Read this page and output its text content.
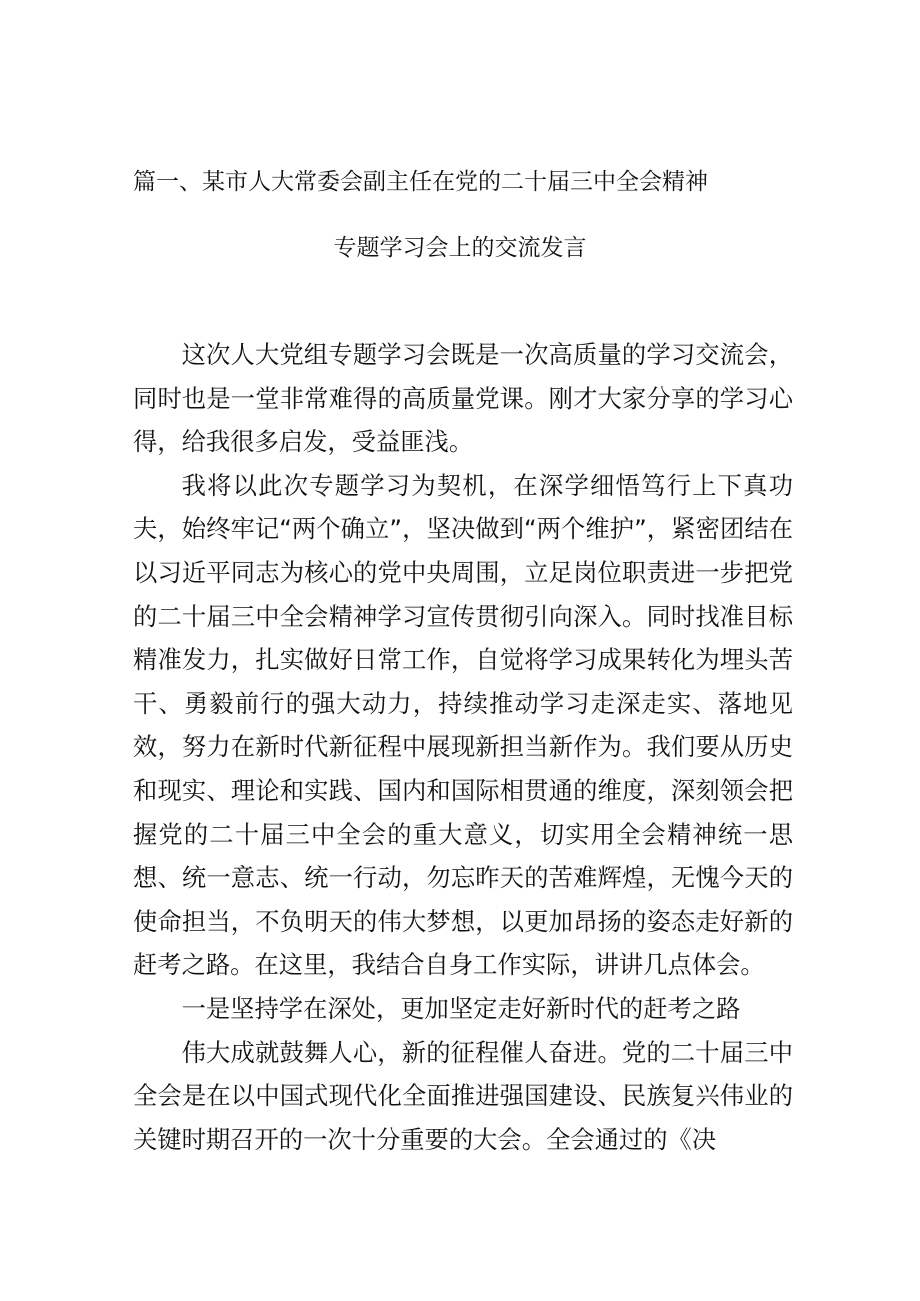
篇一、某市人大常委会副主任在党的二十届三中全会精神
专题学习会上的交流发言

这次人大党组专题学习会既是一次高质量的学习交流会，同时也是一堂非常难得的高质量党课。刚才大家分享的学习心得，给我很多启发，受益匪浅。

我将以此次专题学习为契机，在深学细悟笃行上下真功夫，始终牢记“两个确立”，坚决做到“两个维护”，紧密团结在以习近平同志为核心的党中央周围，立足岗位职责进一步把党的二十届三中全会精神学习宣传贯彻引向深入。同时找准目标精准发力，扎实做好日常工作，自觉将学习成果转化为埋头苦干、勇毅前行的强大动力，持续推动学习走深走实、落地见效，努力在新时代新征程中展现新担当新作为。我们要从历史和现实、理论和实践、国内和国际相贯通的维度，深刻领会把握党的二十届三中全会的重大意义，切实用全会精神统一思想、统一意志、统一行动，勿忘昨天的苦难辉煌，无愧今天的使命担当，不负明天的伟大梦想，以更加昂扬的姿态走好新的赶考之路。在这里，我结合自身工作实际，讲讲几点体会。

一是坚持学在深处，更加坚定走好新时代的赶考之路

伟大成就鼓舞人心，新的征程催人奋进。党的二十届三中全会是在以中国式现代化全面推进强国建设、民族复兴伟业的关键时期召开的一次十分重要的大会。全会通过的《决
